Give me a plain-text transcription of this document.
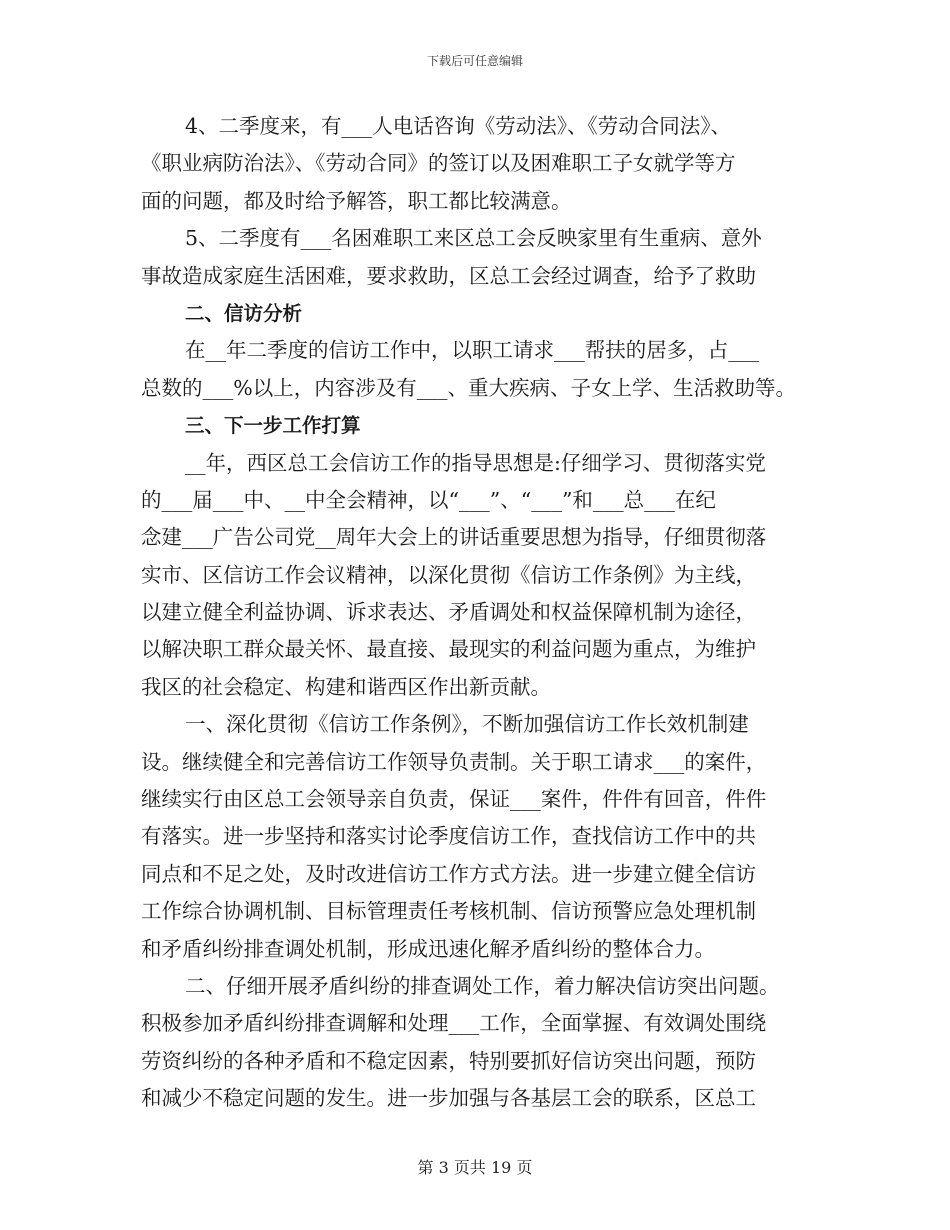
下载后可任意编辑
4、二季度来，有___人电话咨询《劳动法》、《劳动合同法》、
《职业病防治法》、《劳动合同》的签订以及困难职工子女就学等方
面的问题，都及时给予解答，职工都比较满意。
5、二季度有___名困难职工来区总工会反映家里有生重病、意外
事故造成家庭生活困难，要求救助，区总工会经过调查，给予了救助
二、信访分析
在__年二季度的信访工作中，以职工请求___帮扶的居多，占___
总数的___%以上，内容涉及有___、重大疾病、子女上学、生活救助等。
三、下一步工作打算
__年，西区总工会信访工作的指导思想是:仔细学习、贯彻落实党
的___届___中、__中全会精神，以“___”、“___”和___总___在纪
念建___广告公司党__周年大会上的讲话重要思想为指导，仔细贯彻落
实市、区信访工作会议精神，以深化贯彻《信访工作条例》为主线，
以建立健全利益协调、诉求表达、矛盾调处和权益保障机制为途径，
以解决职工群众最关怀、最直接、最现实的利益问题为重点，为维护
我区的社会稳定、构建和谐西区作出新贡献。
一、深化贯彻《信访工作条例》，不断加强信访工作长效机制建
设。继续健全和完善信访工作领导负责制。关于职工请求___的案件，
继续实行由区总工会领导亲自负责，保证___案件，件件有回音，件件
有落实。进一步坚持和落实讨论季度信访工作，查找信访工作中的共
同点和不足之处，及时改进信访工作方式方法。进一步建立健全信访
工作综合协调机制、目标管理责任考核机制、信访预警应急处理机制
和矛盾纠纷排查调处机制，形成迅速化解矛盾纠纷的整体合力。
二、仔细开展矛盾纠纷的排查调处工作，着力解决信访突出问题。
积极参加矛盾纠纷排查调解和处理___工作，全面掌握、有效调处围绕
劳资纠纷的各种矛盾和不稳定因素，特别要抓好信访突出问题，预防
和减少不稳定问题的发生。进一步加强与各基层工会的联系，区总工
第 3 页共 19 页
